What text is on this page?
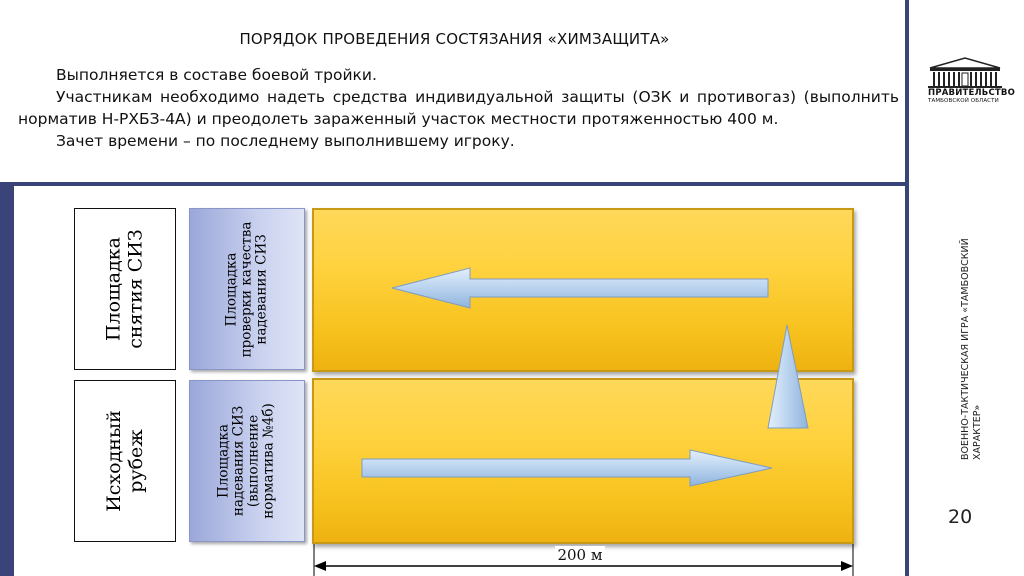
ПОРЯДОК ПРОВЕДЕНИЯ СОСТЯЗАНИЯ «ХИМЗАЩИТА»

Выполняется в составе боевой тройки.

Участникам необходимо надеть средства индивидуальной защиты (ОЗК и противогаз) (выполнить норматив Н-РХБЗ-4А) и преодолеть зараженный участок местности протяженностью 400 м.

Зачет времени – по последнему выполнившему игроку.

ПРАВИТЕЛЬСТВО
ТАМБОВСКОЙ ОБЛАСТИ
ВОЕННО-ТАКТИЧЕСКАЯ ИГРА «ТАМБОВСКИЙ ХАРАКТЕР»
20
Площадка
снятия СИЗ
Исходный
рубеж
Площадка
проверки качества
надевания СИЗ
Площадка
надевания СИЗ
(выполнение
норматива №4б)
200 м
